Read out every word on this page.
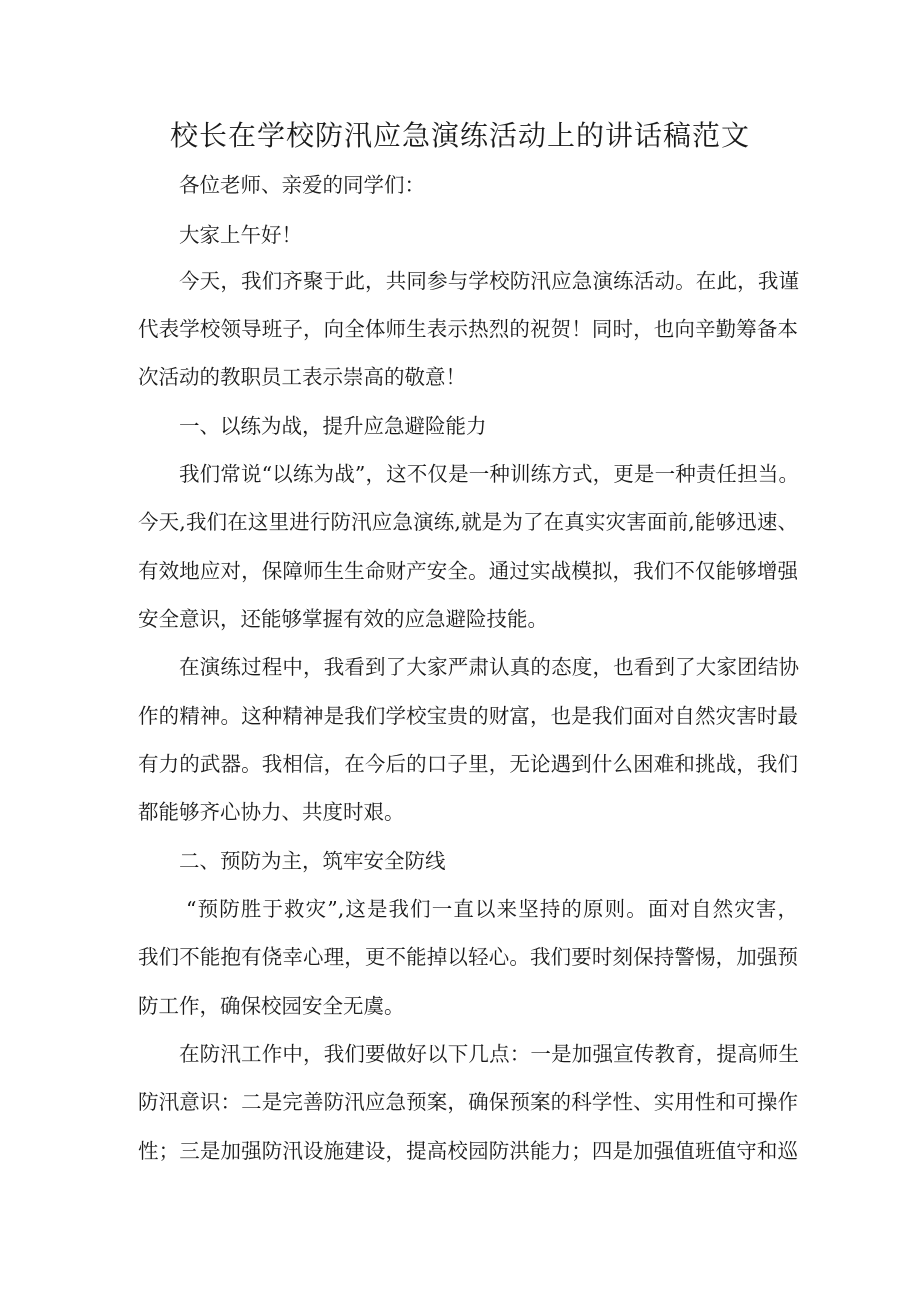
校长在学校防汛应急演练活动上的讲话稿范文
各位老师、亲爱的同学们：
大家上午好！
今天，我们齐聚于此，共同参与学校防汛应急演练活动。在此，我谨
代表学校领导班子，向全体师生表示热烈的祝贺！同时，也向辛勤筹备本
次活动的教职员工表示崇高的敬意！
一、以练为战，提升应急避险能力
我们常说“以练为战”，这不仅是一种训练方式，更是一种责任担当。
今天,我们在这里进行防汛应急演练,就是为了在真实灾害面前,能够迅速、
有效地应对，保障师生生命财产安全。通过实战模拟，我们不仅能够增强
安全意识，还能够掌握有效的应急避险技能。
在演练过程中，我看到了大家严肃认真的态度，也看到了大家团结协
作的精神。这种精神是我们学校宝贵的财富，也是我们面对自然灾害时最
有力的武器。我相信，在今后的口子里，无论遇到什么困难和挑战，我们
都能够齐心协力、共度时艰。
二、预防为主，筑牢安全防线
“预防胜于救灾”,这是我们一直以来坚持的原则。面对自然灾害，
我们不能抱有侥幸心理，更不能掉以轻心。我们要时刻保持警惕，加强预
防工作，确保校园安全无虞。
在防汛工作中，我们要做好以下几点：一是加强宣传教育，提高师生
防汛意识：二是完善防汛应急预案，确保预案的科学性、实用性和可操作
性；三是加强防汛设施建设，提高校园防洪能力；四是加强值班值守和巡
